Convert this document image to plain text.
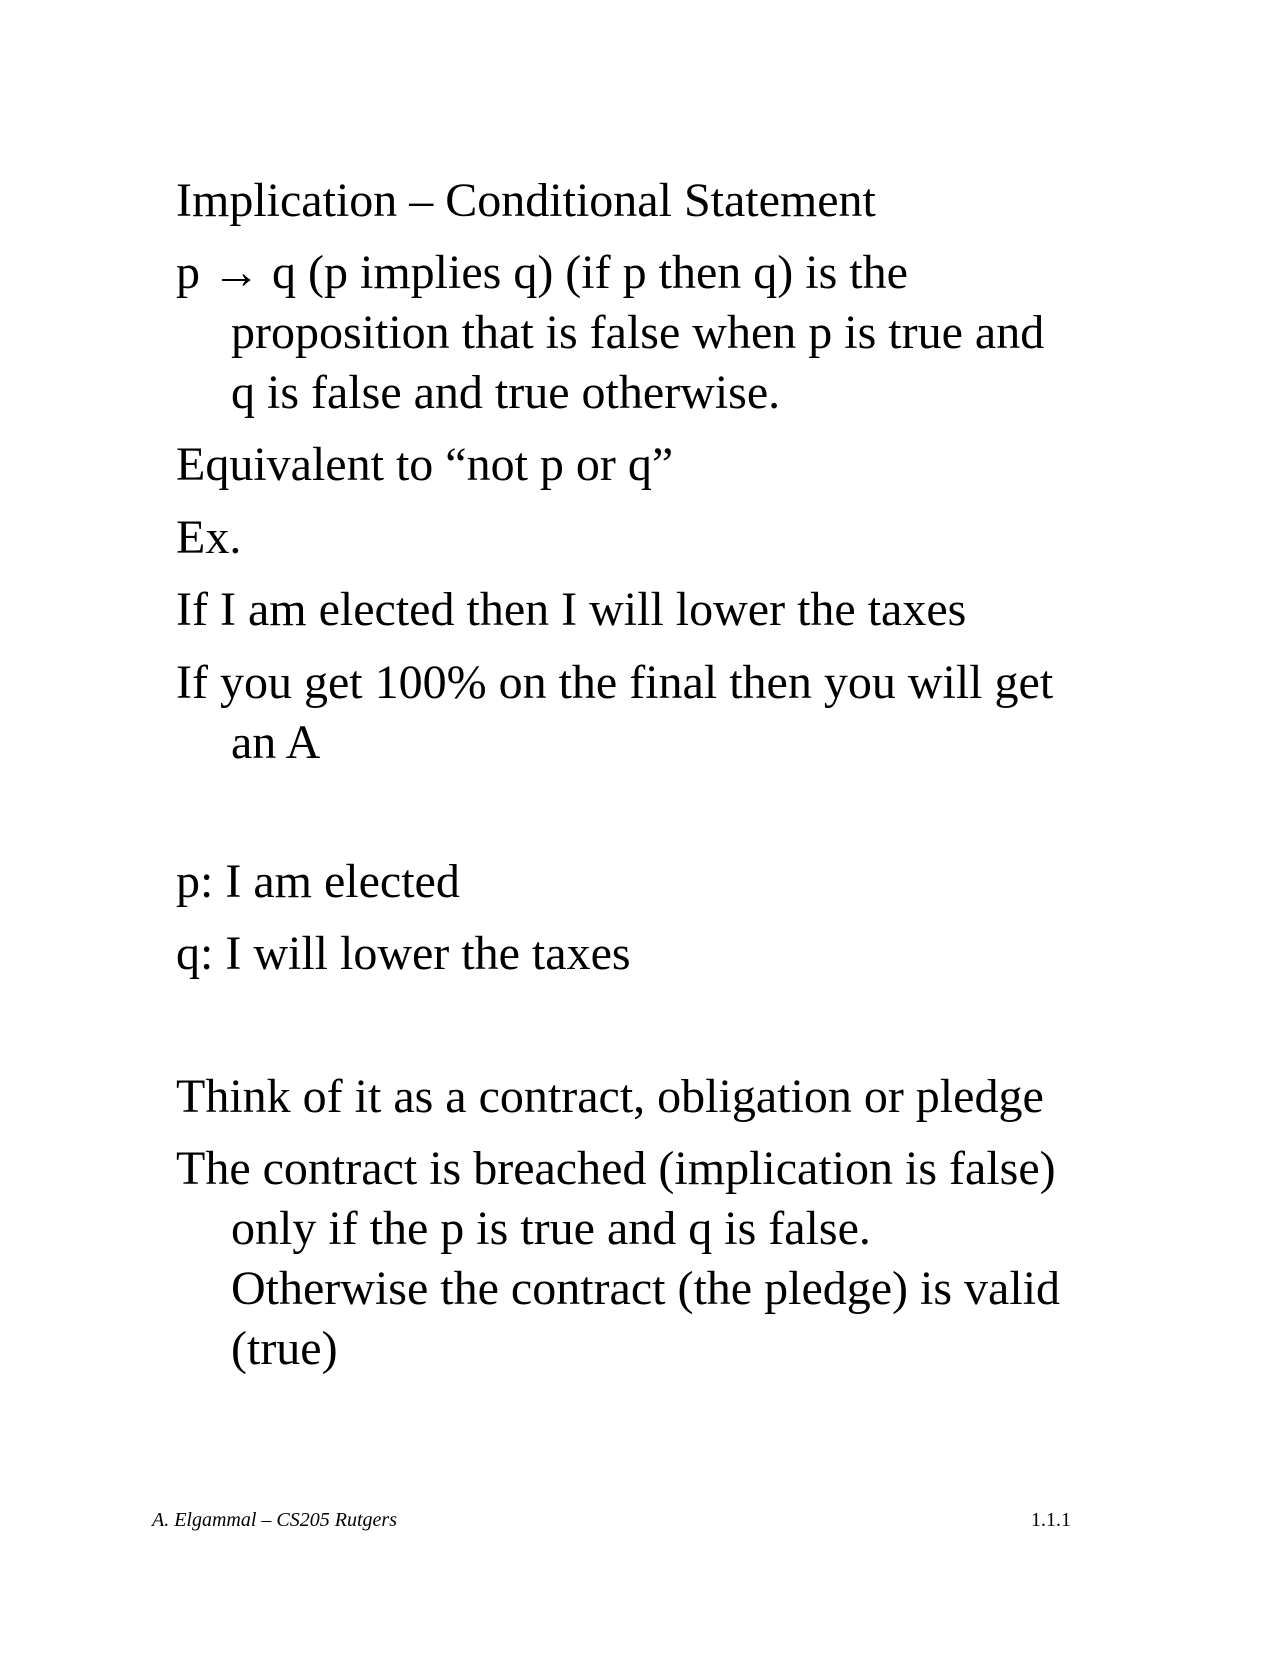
Implication – Conditional Statement
p → q (p implies q) (if p then q) is the
proposition that is false when p is true and
q is false and true otherwise.
Equivalent to “not p or q”
Ex.
If I am elected then I will lower the taxes
If you get 100% on the final then you will get
an A
p: I am elected
q: I will lower the taxes
Think of it as a contract, obligation or pledge
The contract is breached (implication is false)
only if the p is true and q is false.
Otherwise the contract (the pledge) is valid
(true)
A. Elgammal – CS205 Rutgers	1.1.1
